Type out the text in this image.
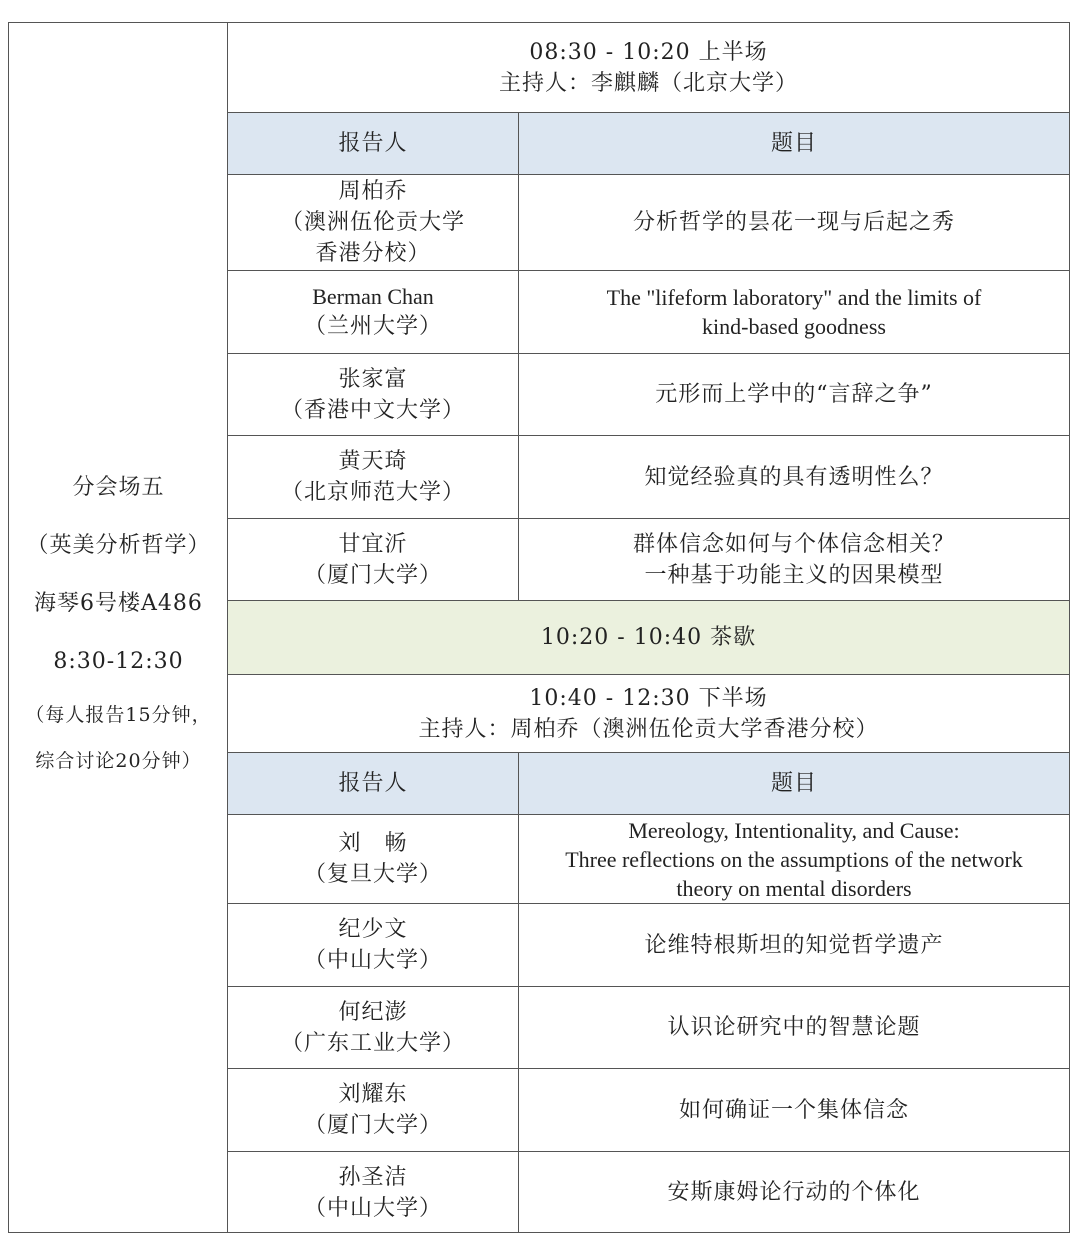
分会场五
（英美分析哲学）
海琴6号楼A486
8:30-12:30
（每人报告15分钟，
综合讨论20分钟）
08:30 - 10:20 上半场
主持人：李麒麟（北京大学）
报告人	题目
周柏乔
（澳洲伍伦贡大学
香港分校）
分析哲学的昙花一现与后起之秀
Berman Chan
（兰州大学）
The "lifeform laboratory" and the limits of
kind-based goodness
张家富
（香港中文大学）
元形而上学中的“言辞之争”
黄天琦
（北京师范大学）
知觉经验真的具有透明性么？
甘宜沂
（厦门大学）
群体信念如何与个体信念相关？
一种基于功能主义的因果模型
10:20 - 10:40 茶歇
10:40 - 12:30 下半场
主持人：周柏乔（澳洲伍伦贡大学香港分校）
报告人	题目
刘　畅
（复旦大学）
Mereology, Intentionality, and Cause:
Three reflections on the assumptions of the network
theory on mental disorders
纪少文
（中山大学）
论维特根斯坦的知觉哲学遗产
何纪澎
（广东工业大学）
认识论研究中的智慧论题
刘耀东
（厦门大学）
如何确证一个集体信念
孙圣洁
（中山大学）
安斯康姆论行动的个体化
